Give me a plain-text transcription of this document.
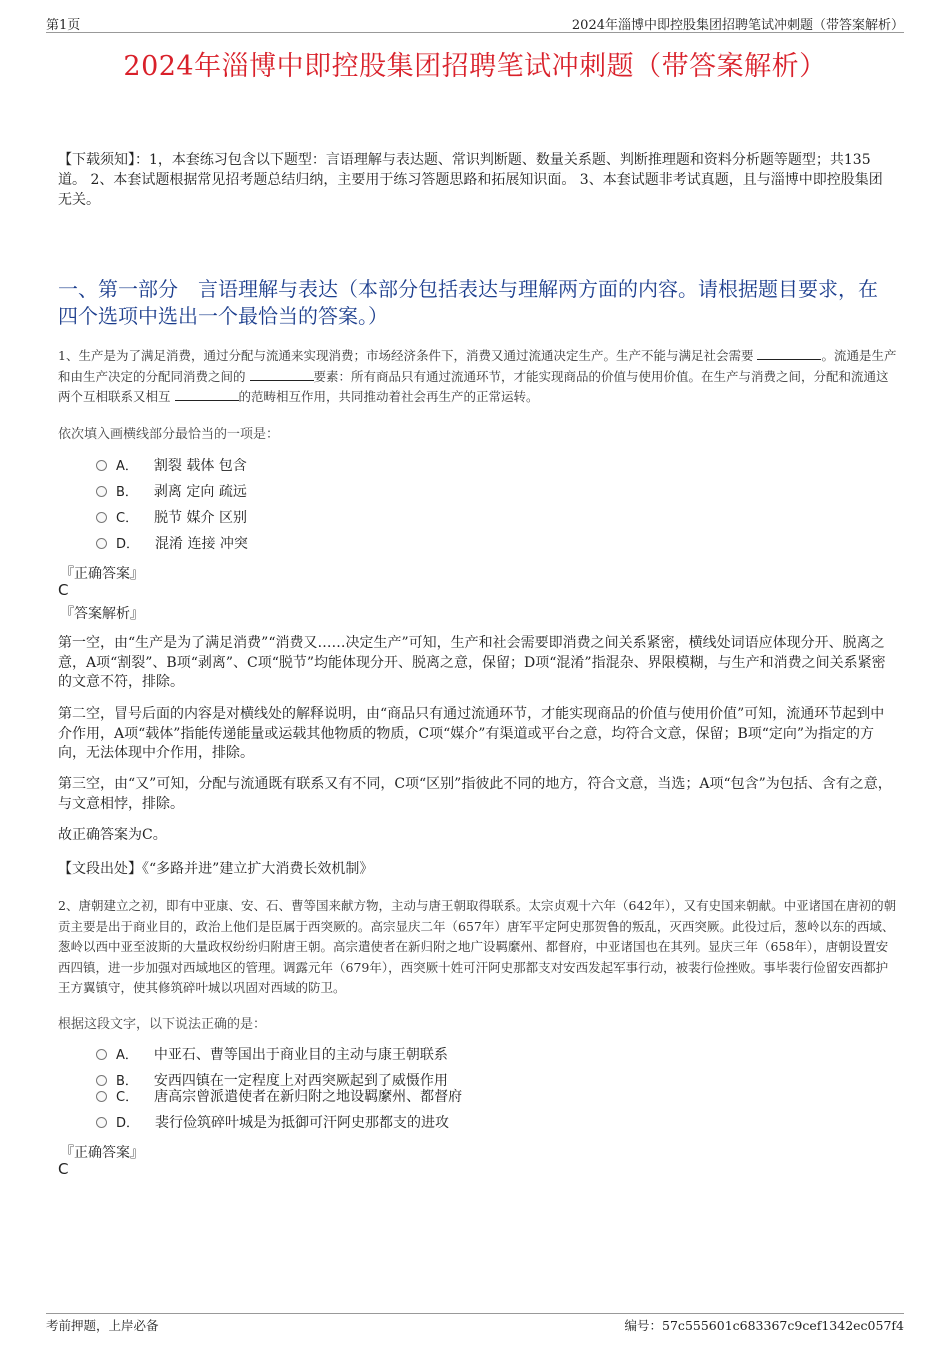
第1页	2024年淄博中即控股集团招聘笔试冲刺题（带答案解析）
2024年淄博中即控股集团招聘笔试冲刺题（带答案解析）
【下载须知】：1，本套练习包含以下题型：言语理解与表达题、常识判断题、数量关系题、判断推理题和资料分析题等题型；共135道。 2、本套试题根据常见招考题总结归纳，主要用于练习答题思路和拓展知识面。 3、本套试题非考试真题，且与淄博中即控股集团无关。
一、第一部分　言语理解与表达（本部分包括表达与理解两方面的内容。请根据题目要求，在四个选项中选出一个最恰当的答案。）
1、生产是为了满足消费，通过分配与流通来实现消费；市场经济条件下，消费又通过流通决定生产。生产不能与满足社会需要	。流通是生产和由生产决定的分配同消费之间的	要素：所有商品只有通过流通环节，才能实现商品的价值与使用价值。在生产与消费之间，分配和流通这两个互相联系又相互	的范畴相互作用，共同推动着社会再生产的正常运转。
依次填入画横线部分最恰当的一项是：
A． 割裂 载体 包含
B． 剥离 定向 疏远
C． 脱节 媒介 区别
D． 混淆 连接 冲突
『正确答案』
C
『答案解析』
第一空，由“生产是为了满足消费”“消费又……决定生产”可知，生产和社会需要即消费之间关系紧密，横线处词语应体现分开、脱离之意，A项“割裂”、B项“剥离”、C项“脱节”均能体现分开、脱离之意，保留；D项“混淆”指混杂、界限模糊，与生产和消费之间关系紧密的文意不符，排除。
第二空，冒号后面的内容是对横线处的解释说明，由“商品只有通过流通环节，才能实现商品的价值与使用价值”可知，流通环节起到中介作用，A项“载体”指能传递能量或运载其他物质的物质，C项“媒介”有渠道或平台之意，均符合文意，保留；B项“定向”为指定的方向，无法体现中介作用，排除。
第三空，由“又”可知，分配与流通既有联系又有不同，C项“区别”指彼此不同的地方，符合文意，当选；A项“包含”为包括、含有之意，与文意相悖，排除。
故正确答案为C。
【文段出处】《“多路并进”建立扩大消费长效机制》
2、唐朝建立之初，即有中亚康、安、石、曹等国来献方物，主动与唐王朝取得联系。太宗贞观十六年（642年），又有史国来朝献。中亚诸国在唐初的朝贡主要是出于商业目的，政治上他们是臣属于西突厥的。高宗显庆二年（657年）唐军平定阿史那贺鲁的叛乱，灭西突厥。此役过后，葱岭以东的西域、葱岭以西中亚至波斯的大量政权纷纷归附唐王朝。高宗遣使者在新归附之地广设羁縻州、都督府，中亚诸国也在其列。显庆三年（658年），唐朝设置安西四镇，进一步加强对西域地区的管理。调露元年（679年），西突厥十姓可汗阿史那都支对安西发起军事行动，被裴行俭挫败。事毕裴行俭留安西都护王方翼镇守，使其修筑碎叶城以巩固对西域的防卫。
根据这段文字，以下说法正确的是：
A． 中亚石、曹等国出于商业目的主动与康王朝联系
B． 安西四镇在一定程度上对西突厥起到了威慑作用
C． 唐高宗曾派遣使者在新归附之地设羁縻州、都督府
D． 裴行俭筑碎叶城是为抵御可汗阿史那都支的进攻
『正确答案』
C
考前押题，上岸必备	编号：57c555601c683367c9cef1342ec057f4
